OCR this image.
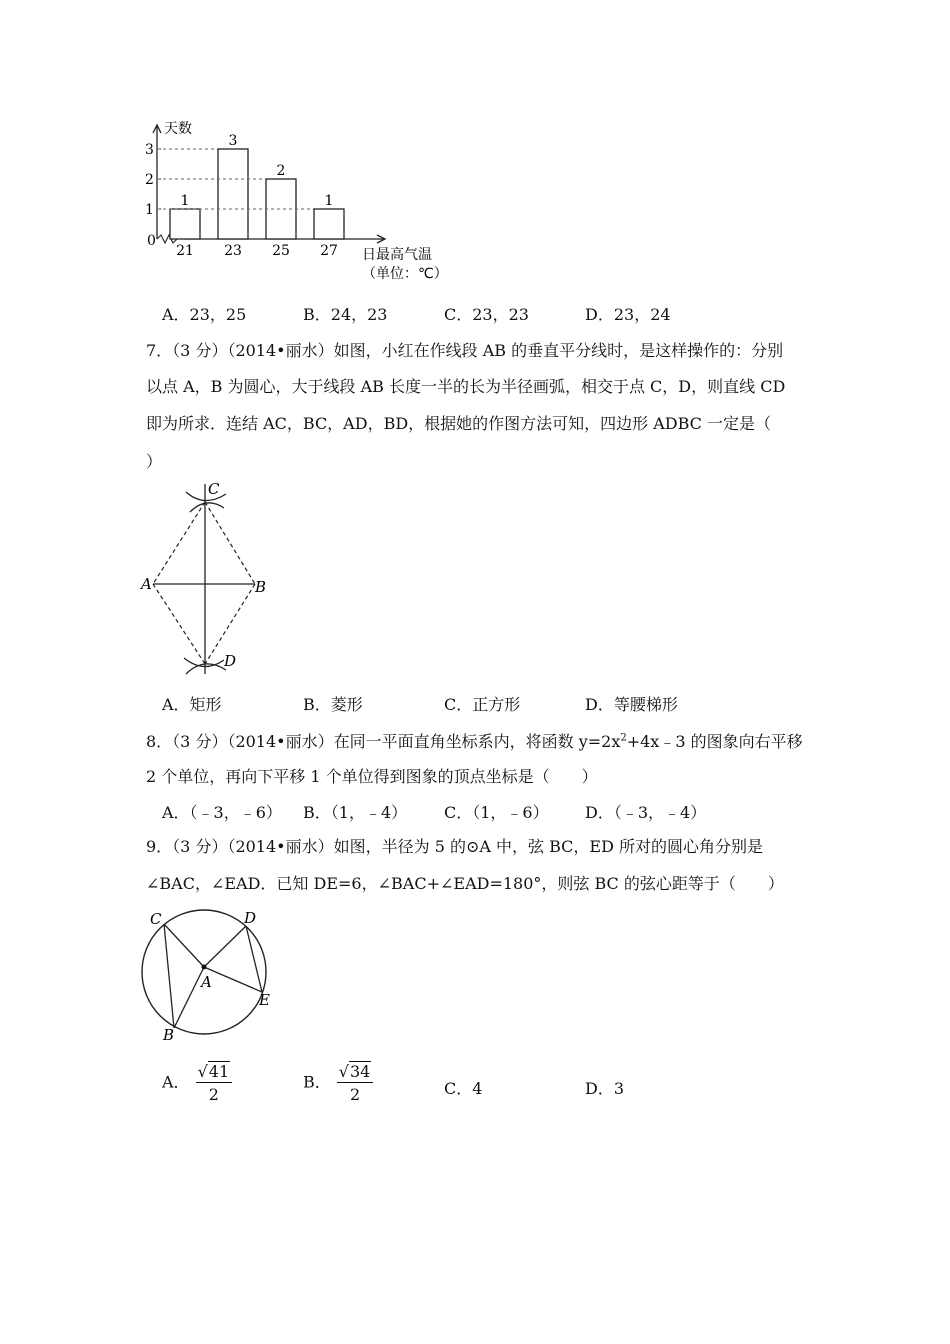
0
1
2
3
1
21
3
23
2
25
1
27
天数
日最高气温
（单位：℃）
A．23，25	B．24，23	C．23，23	D．23，24
7．（3 分）（2014•丽水）如图，小红在作线段 AB 的垂直平分线时，是这样操作的：分别
以点 A，B 为圆心，大于线段 AB 长度一半的长为半径画弧，相交于点 C，D，则直线 CD
即为所求．连结 AC，BC，AD，BD，根据她的作图方法可知，四边形 ADBC 一定是（
）
A	B
C
D
A．矩形	B．菱形	C．正方形	D．等腰梯形
8．（3 分）（2014•丽水）在同一平面直角坐标系内，将函数 $y=2x^2+4x﹣3$ 的图象向右平移
2 个单位，再向下平移 1 个单位得到图象的顶点坐标是（　　）
A．（﹣3，﹣6） B．（1，﹣4） C．（1，﹣6） D．（﹣3，﹣4）
9．（3 分）（2014•丽水）如图，半径为 5 的⊙A 中，弦 BC，ED 所对的圆心角分别是
∠BAC，∠EAD．已知 DE=6，∠BAC+∠EAD=180°，则弦 BC 的弦心距等于（　　）
C	D
A
E
B
A． $\frac{√41}{2}$	B． $\frac{√34}{2}$	C．4	D．3
